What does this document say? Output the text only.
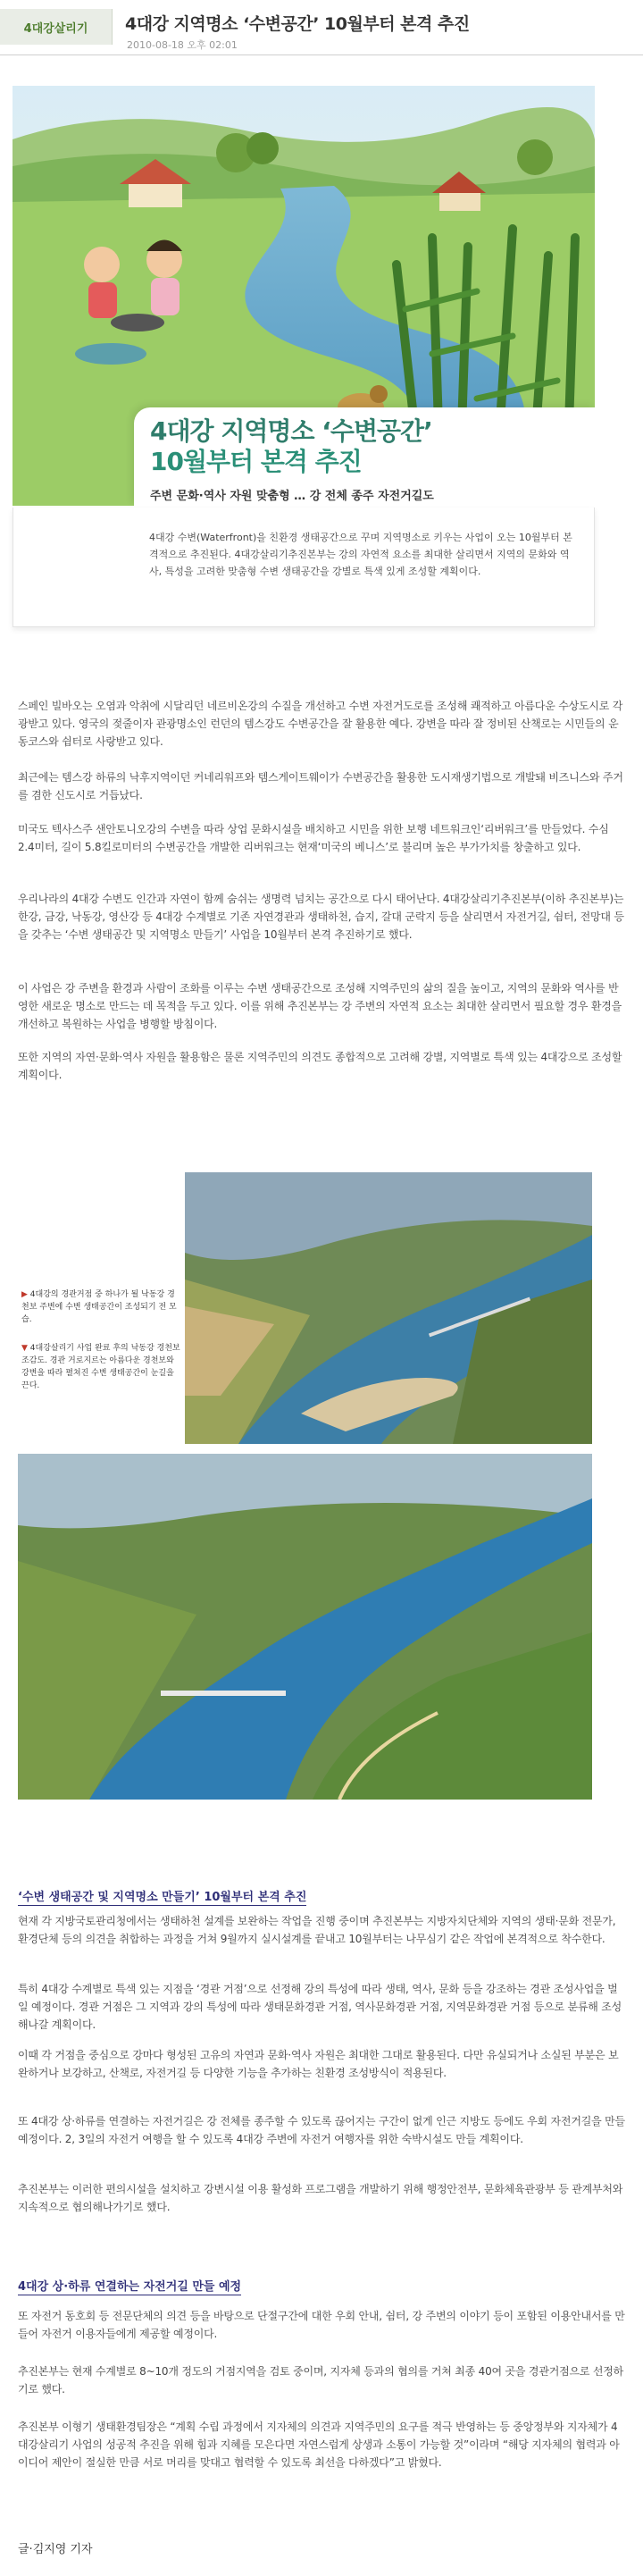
4대강살리기	4대강 지역명소 ‘수변공간’ 10월부터 본격 추진
2010-08-18 오후 02:01
4대강 지역명소 ‘수변공간’
10월부터 본격 추진
주변 문화·역사 자원 맞춤형 … 강 전체 종주 자전거길도
4대강 수변(Waterfront)을 친환경 생태공간으로 꾸며 지역명소로 키우는 사업이 오는 10월부터 본격적으로 추진된다. 4대강살리기추진본부는 강의 자연적 요소를 최대한 살리면서 지역의 문화와 역사, 특성을 고려한 맞춤형 수변 생태공간을 강별로 특색 있게 조성할 계획이다.
스페인 빌바오는 오염과 악취에 시달리던 네르비온강의 수질을 개선하고 수변 자전거도로를 조성해 쾌적하고 아름다운 수상도시로 각광받고 있다. 영국의 젖줄이자 관광명소인 런던의 템스강도 수변공간을 잘 활용한 예다. 강변을 따라 잘 정비된 산책로는 시민들의 운동코스와 쉼터로 사랑받고 있다.
최근에는 템스강 하류의 낙후지역이던 커네리워프와 템스게이트웨이가 수변공간을 활용한 도시재생기법으로 개발돼 비즈니스와 주거를 겸한 신도시로 거듭났다.
미국도 텍사스주 샌안토니오강의 수변을 따라 상업 문화시설을 배치하고 시민을 위한 보행 네트워크인‘리버워크’를 만들었다. 수심 2.4미터, 길이 5.8킬로미터의 수변공간을 개발한 리버워크는 현재‘미국의 베니스’로 불리며 높은 부가가치를 창출하고 있다.
우리나라의 4대강 수변도 인간과 자연이 함께 숨쉬는 생명력 넘치는 공간으로 다시 태어난다. 4대강살리기추진본부(이하 추진본부)는 한강, 금강, 낙동강, 영산강 등 4대강 수계별로 기존 자연경관과 생태하천, 습지, 갈대 군락지 등을 살리면서 자전거길, 쉼터, 전망대 등을 갖추는 ‘수변 생태공간 및 지역명소 만들기’ 사업을 10월부터 본격 추진하기로 했다.
이 사업은 강 주변을 환경과 사람이 조화를 이루는 수변 생태공간으로 조성해 지역주민의 삶의 질을 높이고, 지역의 문화와 역사를 반영한 새로운 명소로 만드는 데 목적을 두고 있다. 이를 위해 추진본부는 강 주변의 자연적 요소는 최대한 살리면서 필요할 경우 환경을 개선하고 복원하는 사업을 병행할 방침이다.
또한 지역의 자연·문화·역사 자원을 활용함은 물론 지역주민의 의견도 종합적으로 고려해 강별, 지역별로 특색 있는 4대강으로 조성할 계획이다.
▶ 4대강의 경관거점 중 하나가 될 낙동강 경천보 주변에 수변 생태공간이 조성되기 전 모습.
▼ 4대강살리기 사업 완료 후의 낙동강 경천보 조감도. 경관 거로지르는 아름다운 경천보와 강변을 따라 펼쳐진 수변 생태공간이 눈길을 끈다.
‘수변 생태공간 및 지역명소 만들기’ 10월부터 본격 추진
현재 각 지방국토관리청에서는 생태하천 설계를 보완하는 작업을 진행 중이며 추진본부는 지방자치단체와 지역의 생태·문화 전문가, 환경단체 등의 의견을 취합하는 과정을 거쳐 9월까지 실시설계를 끝내고 10월부터는 나무심기 같은 작업에 본격적으로 착수한다.
특히 4대강 수계별로 특색 있는 지점을 ‘경관 거점’으로 선정해 강의 특성에 따라 생태, 역사, 문화 등을 강조하는 경관 조성사업을 벌일 예정이다. 경관 거점은 그 지역과 강의 특성에 따라 생태문화경관 거점, 역사문화경관 거점, 지역문화경관 거점 등으로 분류해 조성해나갈 계획이다.
이때 각 거점을 중심으로 강마다 형성된 고유의 자연과 문화·역사 자원은 최대한 그대로 활용된다. 다만 유실되거나 소실된 부분은 보완하거나 보강하고, 산책로, 자전거길 등 다양한 기능을 추가하는 친환경 조성방식이 적용된다.
또 4대강 상·하류를 연결하는 자전거길은 강 전체를 종주할 수 있도록 끊어지는 구간이 없게 인근 지방도 등에도 우회 자전거길을 만들 예정이다. 2, 3일의 자전거 여행을 할 수 있도록 4대강 주변에 자전거 여행자를 위한 숙박시설도 만들 계획이다.
추진본부는 이러한 편의시설을 설치하고 강변시설 이용 활성화 프로그램을 개발하기 위해 행정안전부, 문화체육관광부 등 관계부처와 지속적으로 협의해나가기로 했다.
4대강 상·하류 연결하는 자전거길 만들 예정
또 자전거 동호회 등 전문단체의 의견 등을 바탕으로 단절구간에 대한 우회 안내, 쉼터, 강 주변의 이야기 등이 포함된 이용안내서를 만들어 자전거 이용자들에게 제공할 예정이다.
추진본부는 현재 수계별로 8~10개 정도의 거점지역을 검토 중이며, 지자체 등과의 협의를 거쳐 최종 40여 곳을 경관거점으로 선정하기로 했다.
추진본부 이형기 생태환경팀장은 “계획 수립 과정에서 지자체의 의견과 지역주민의 요구를 적극 반영하는 등 중앙정부와 지자체가 4대강살리기 사업의 성공적 추진을 위해 힘과 지혜를 모은다면 자연스럽게 상생과 소통이 가능할 것”이라며 “해당 지자체의 협력과 아이디어 제안이 절실한 만큼 서로 머리를 맞대고 협력할 수 있도록 최선을 다하겠다”고 밝혔다.
글·김지영 기자
